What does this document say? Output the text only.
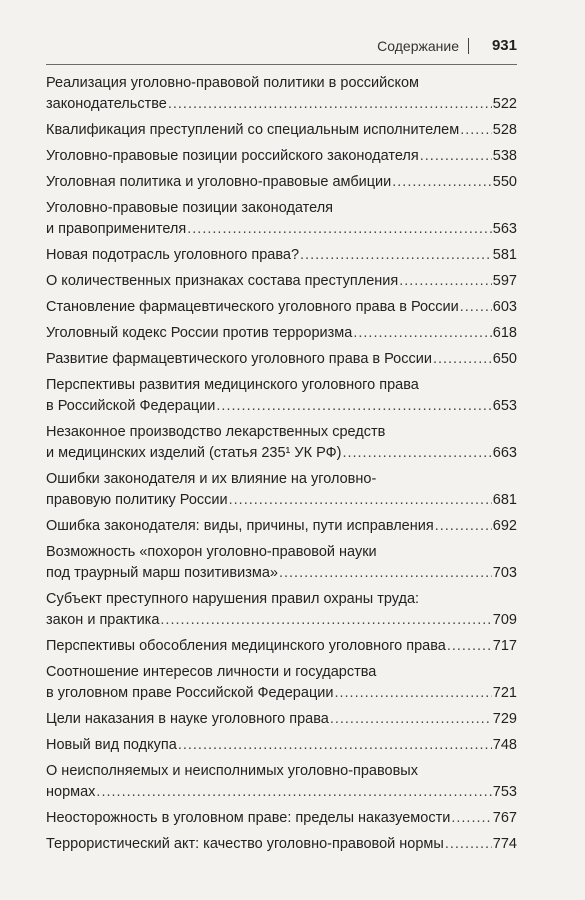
Содержание 931
Реализация уголовно-правовой политики в российском
законодательстве .....	522
Квалификация преступлений со специальным исполнителем ..... 528
Уголовно-правовые позиции российского законодателя .....	538
Уголовная политика и уголовно-правовые амбиции .....	550
Уголовно-правовые позиции законодателя
и правоприменителя .....	563
Новая подотрасль уголовного права? .....	581
О количественных признаках состава преступления .....	597
Становление фармацевтического уголовного права в России ..... 603
Уголовный кодекс России против терроризма .....	618
Развитие фармацевтического уголовного права в России .....	650
Перспективы развития медицинского уголовного права
в Российской Федерации .....	653
Незаконное производство лекарственных средств
и медицинских изделий (статья 235¹ УК РФ) .....	663
Ошибки законодателя и их влияние на уголовно-
правовую политику России .....	681
Ошибка законодателя: виды, причины, пути исправления .....	692
Возможность «похорон уголовно-правовой науки
под траурный марш позитивизма» .....	703
Субъект преступного нарушения правил охраны труда:
закон и практика .....	709
Перспективы обособления медицинского уголовного права .....	717
Соотношение интересов личности и государства
в уголовном праве Российской Федерации .....	721
Цели наказания в науке уголовного права .....	729
Новый вид подкупа .....	748
О неисполняемых и неисполнимых уголовно-правовых
нормах .....	753
Неосторожность в уголовном праве: пределы наказуемости .....	767
Террористический акт: качество уголовно-правовой нормы .....	774
